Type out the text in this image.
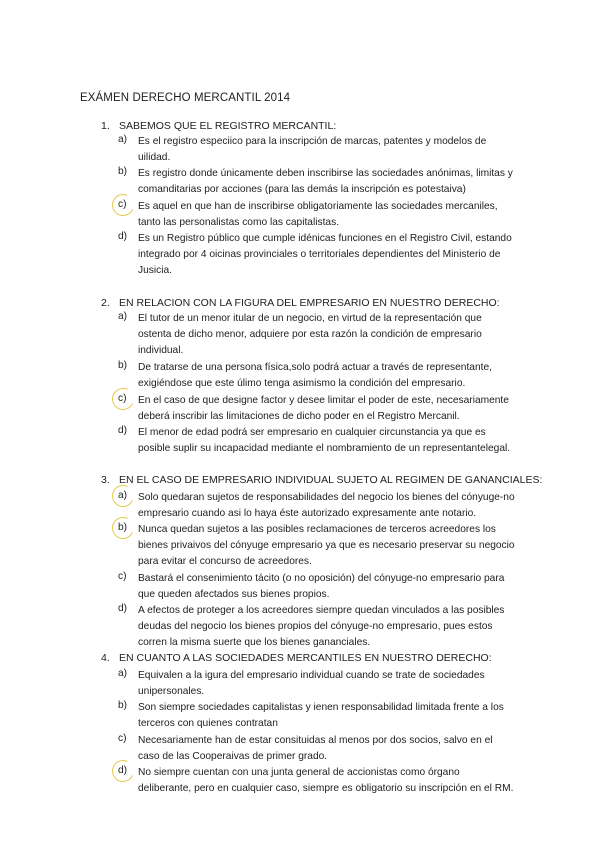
EXÁMEN DERECHO MERCANTIL 2014
1. SABEMOS QUE EL REGISTRO MERCANTIL:
a) Es el registro especiico para la inscripción de marcas, patentes y modelos de
uilidad.
b) Es registro donde únicamente deben inscribirse las sociedades anónimas, limitas y
comanditarias por acciones (para las demás la inscripción es potestaiva)
c) Es aquel en que han de inscribirse obligatoriamente las sociedades mercaniles,
tanto las personalistas como las capitalistas.
d) Es un Registro público que cumple idénicas funciones en el Registro Civil, estando
integrado por 4 oicinas provinciales o territoriales dependientes del Ministerio de
Jusicia.
2. EN RELACION CON LA FIGURA DEL EMPRESARIO EN NUESTRO DERECHO:
a) El tutor de un menor itular de un negocio, en virtud de la representación que
ostenta de dicho menor, adquiere por esta razón la condición de empresario
individual.
b) De tratarse de una persona física,solo podrá actuar a través de representante,
exigiéndose que este úlimo tenga asimismo la condición del empresario.
c) En el caso de que designe factor y desee limitar el poder de este, necesariamente
deberá inscribir las limitaciones de dicho poder en el Registro Mercanil.
d) El menor de edad podrá ser empresario en cualquier circunstancia ya que es
posible suplir su incapacidad mediante el nombramiento de un representantelegal.
3. EN EL CASO DE EMPRESARIO INDIVIDUAL SUJETO AL REGIMEN DE GANANCIALES:
a) Solo quedaran sujetos de responsabilidades del negocio los bienes del cónyuge-no
empresario cuando asi lo haya éste autorizado expresamente ante notario.
b) Nunca quedan sujetos a las posibles reclamaciones de terceros acreedores los
bienes privaivos del cónyuge empresario ya que es necesario preservar su negocio
para evitar el concurso de acreedores.
c) Bastará el consenimiento tácito (o no oposición) del cónyuge-no empresario para
que queden afectados sus bienes propios.
d) A efectos de proteger a los acreedores siempre quedan vinculados a las posibles
deudas del negocio los bienes propios del cónyuge-no empresario, pues estos
corren la misma suerte que los bienes gananciales.
4. EN CUANTO A LAS SOCIEDADES MERCANTILES EN NUESTRO DERECHO:
a) Equivalen a la igura del empresario individual cuando se trate de sociedades
unipersonales.
b) Son siempre sociedades capitalistas y ienen responsabilidad limitada frente a los
terceros con quienes contratan
c) Necesariamente han de estar consituidas al menos por dos socios, salvo en el
caso de las Cooperaivas de primer grado.
d) No siempre cuentan con una junta general de accionistas como órgano
deliberante, pero en cualquier caso, siempre es obligatorio su inscripción en el RM.
